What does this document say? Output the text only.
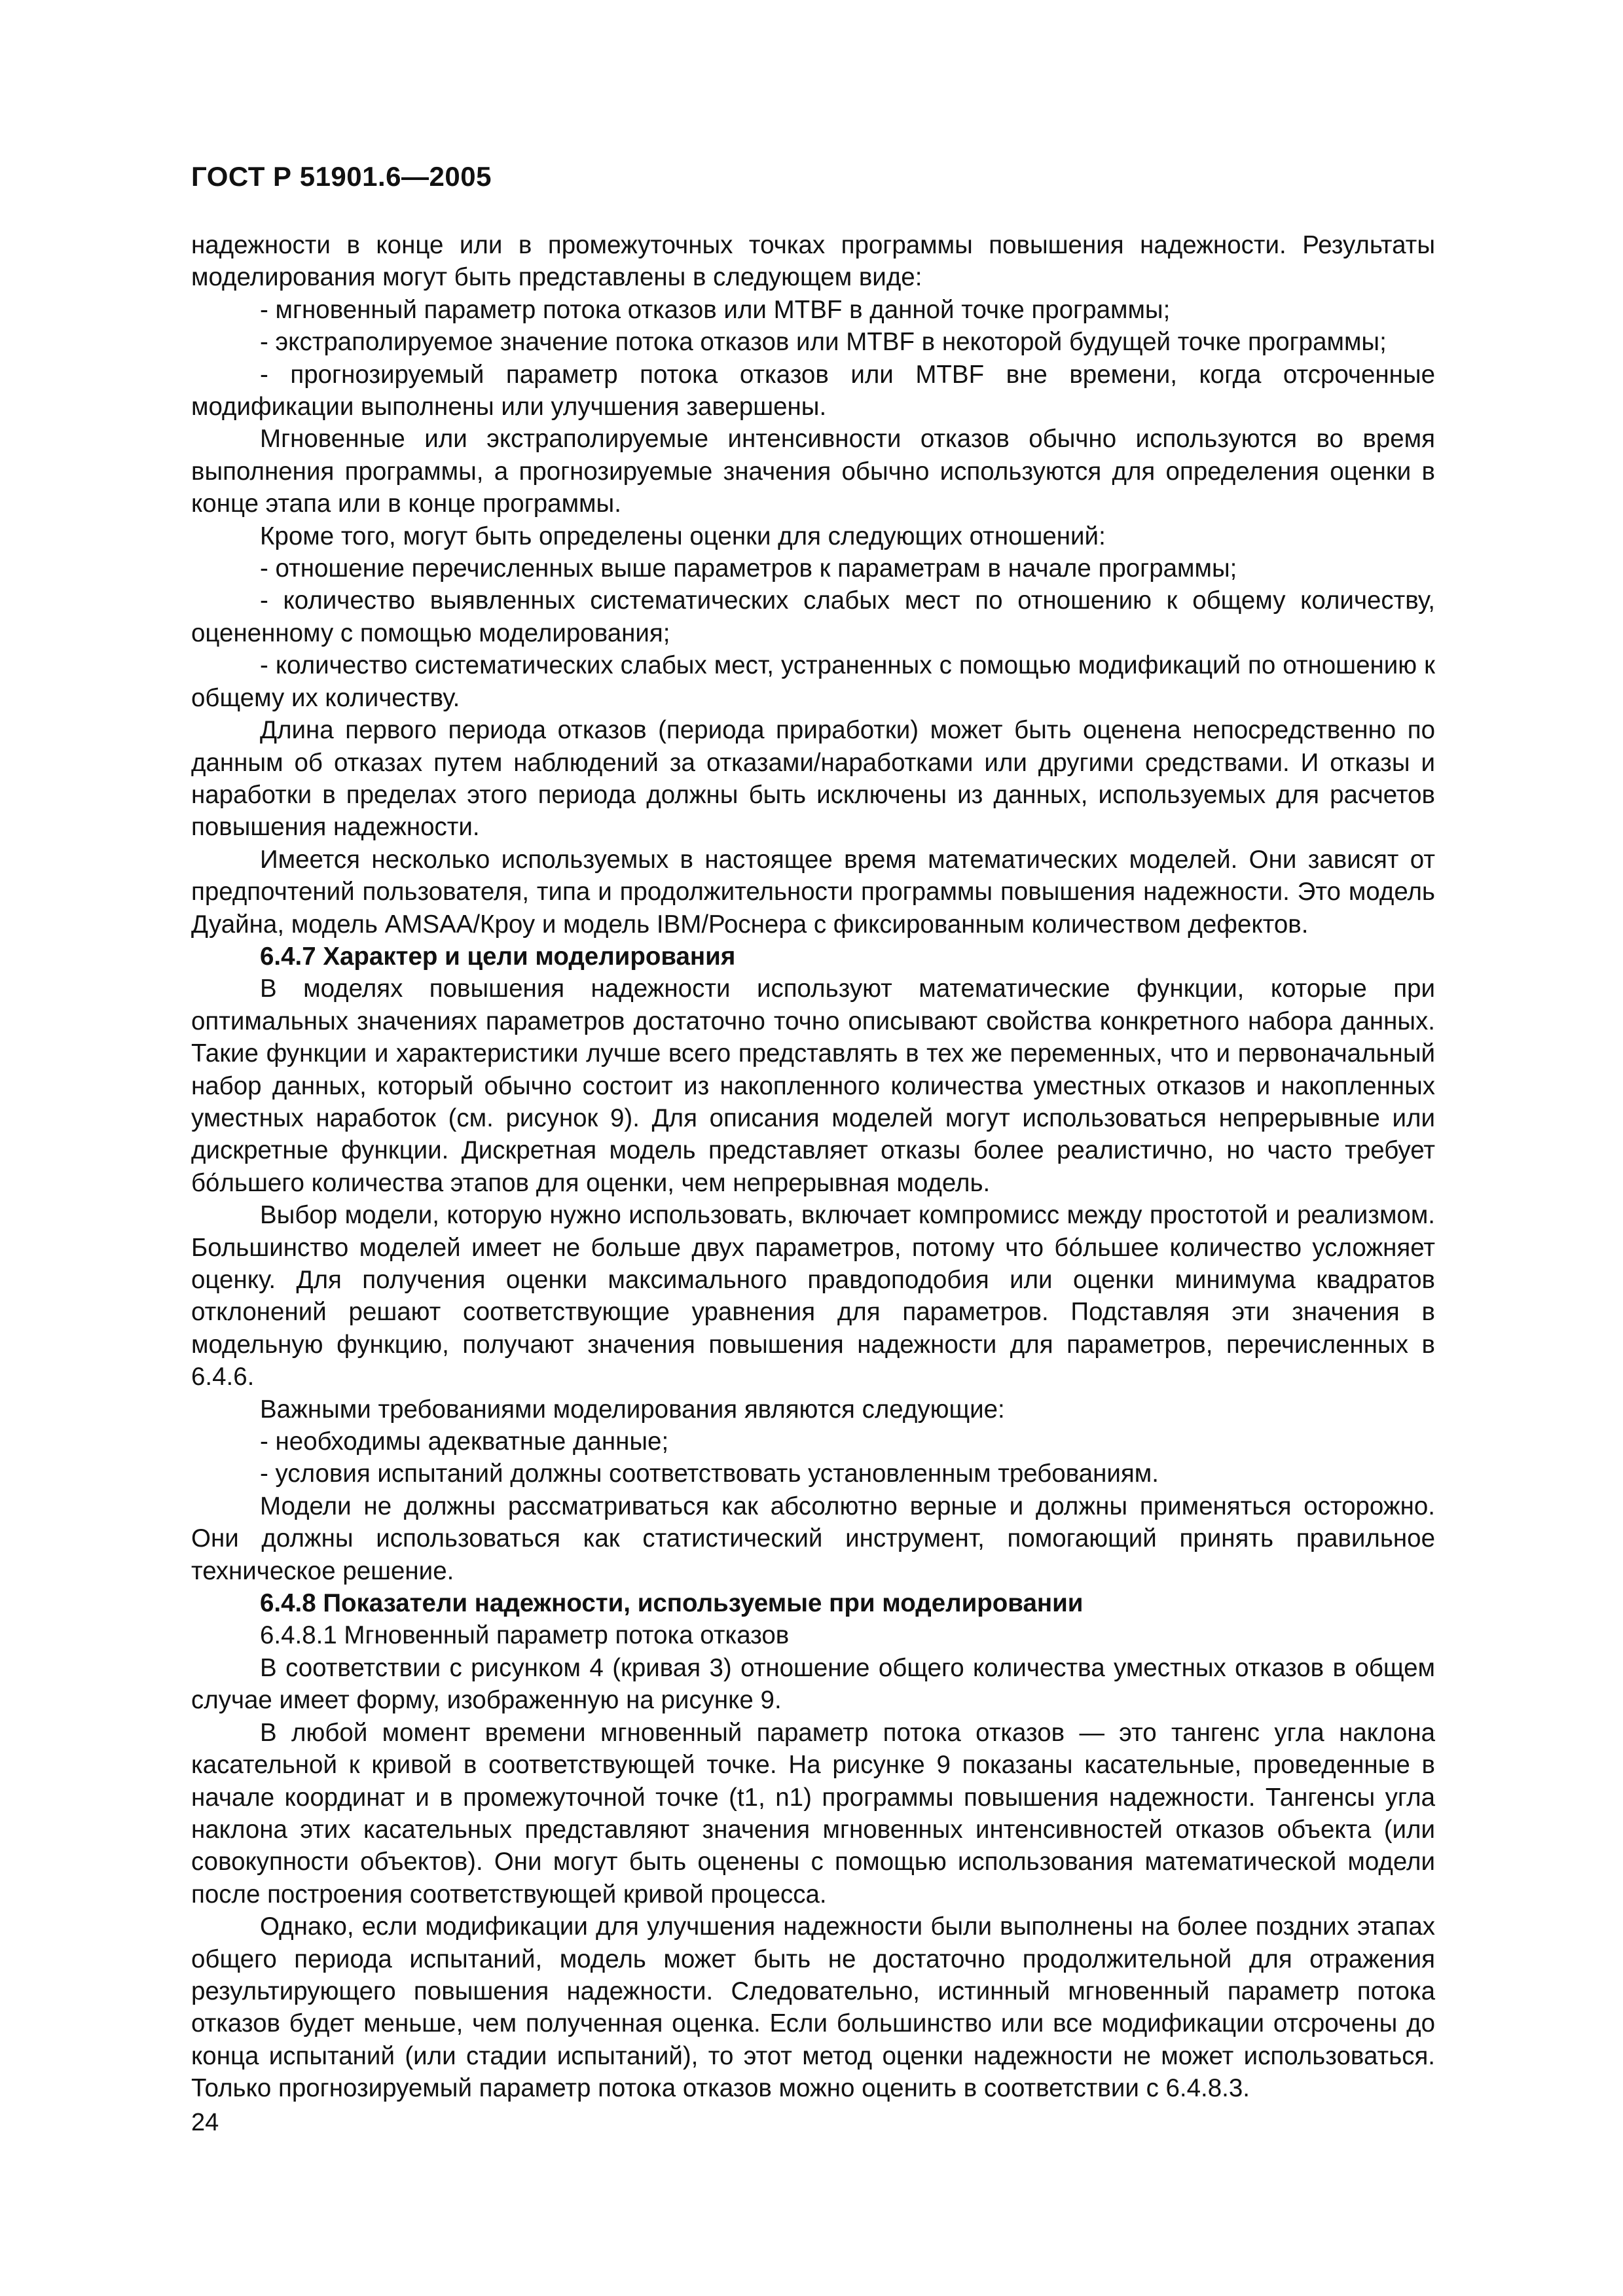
ГОСТ Р 51901.6—2005

надежности в конце или в промежуточных точках программы повышения надежности. Результаты моделирования могут быть представлены в следующем виде:

- мгновенный параметр потока отказов или MTBF в данной точке программы;

- экстраполируемое значение потока отказов или MTBF в некоторой будущей точке программы;

- прогнозируемый параметр потока отказов или MTBF вне времени, когда отсроченные модификации выполнены или улучшения завершены.

Мгновенные или экстраполируемые интенсивности отказов обычно используются во время выполнения программы, а прогнозируемые значения обычно используются для определения оценки в конце этапа или в конце программы.

Кроме того, могут быть определены оценки для следующих отношений:

- отношение перечисленных выше параметров к параметрам в начале программы;

- количество выявленных систематических слабых мест по отношению к общему количеству, оцененному с помощью моделирования;

- количество систематических слабых мест, устраненных с помощью модификаций по отношению к общему их количеству.

Длина первого периода отказов (периода приработки) может быть оценена непосредственно по данным об отказах путем наблюдений за отказами/наработками или другими средствами. И отказы и наработки в пределах этого периода должны быть исключены из данных, используемых для расчетов повышения надежности.

Имеется несколько используемых в настоящее время математических моделей. Они зависят от предпочтений пользователя, типа и продолжительности программы повышения надежности. Это модель Дуайна, модель AMSAA/Кроу и модель IBM/Роснера с фиксированным количеством дефектов.

6.4.7 Характер и цели моделирования

В моделях повышения надежности используют математические функции, которые при оптимальных значениях параметров достаточно точно описывают свойства конкретного набора данных. Такие функции и характеристики лучше всего представлять в тех же переменных, что и первоначальный набор данных, который обычно состоит из накопленного количества уместных отказов и накопленных уместных наработок (см. рисунок 9). Для описания моделей могут использоваться непрерывные или дискретные функции. Дискретная модель представляет отказы более реалистично, но часто требует бо́льшего количества этапов для оценки, чем непрерывная модель.

Выбор модели, которую нужно использовать, включает компромисс между простотой и реализмом. Большинство моделей имеет не больше двух параметров, потому что бо́льшее количество усложняет оценку. Для получения оценки максимального правдоподобия или оценки минимума квадратов отклонений решают соответствующие уравнения для параметров. Подставляя эти значения в модельную функцию, получают значения повышения надежности для параметров, перечисленных в 6.4.6.

Важными требованиями моделирования являются следующие:

- необходимы адекватные данные;

- условия испытаний должны соответствовать установленным требованиям.

Модели не должны рассматриваться как абсолютно верные и должны применяться осторожно. Они должны использоваться как статистический инструмент, помогающий принять правильное техническое решение.

6.4.8 Показатели надежности, используемые при моделировании

6.4.8.1 Мгновенный параметр потока отказов

В соответствии с рисунком 4 (кривая 3) отношение общего количества уместных отказов в общем случае имеет форму, изображенную на рисунке 9.

В любой момент времени мгновенный параметр потока отказов — это тангенс угла наклона касательной к кривой в соответствующей точке. На рисунке 9 показаны касательные, проведенные в начале координат и в промежуточной точке (t1, n1) программы повышения надежности. Тангенсы угла наклона этих касательных представляют значения мгновенных интенсивностей отказов объекта (или совокупности объектов). Они могут быть оценены с помощью использования математической модели после построения соответствующей кривой процесса.

Однако, если модификации для улучшения надежности были выполнены на более поздних этапах общего периода испытаний, модель может быть не достаточно продолжительной для отражения результирующего повышения надежности. Следовательно, истинный мгновенный параметр потока отказов будет меньше, чем полученная оценка. Если большинство или все модификации отсрочены до конца испытаний (или стадии испытаний), то этот метод оценки надежности не может использоваться. Только прогнозируемый параметр потока отказов можно оценить в соответствии с 6.4.8.3.

24
